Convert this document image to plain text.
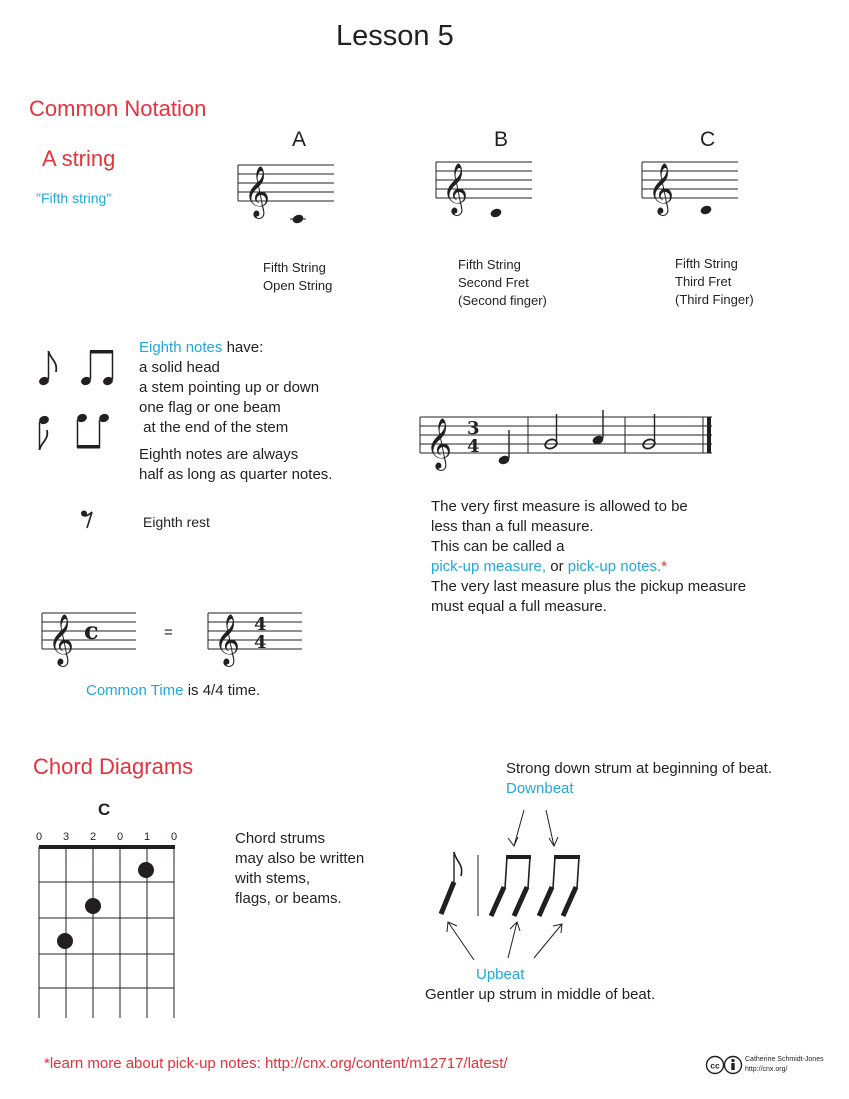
Lesson 5
Common Notation
A string
"Fifth string"
A	B	C
𝄞	𝄞	𝄞
Fifth String
Open String
Fifth String
Second Fret
(Second finger)
Fifth String
Third Fret
(Third Finger)
Eighth notes have:
a solid head
a stem pointing up or down
one flag or one beam
at the end of the stem
Eighth notes are always
half as long as quarter notes.
Eighth rest
𝄞 3
4
The very first measure is allowed to be
less than a full measure.
This can be called a
pick-up measure, or pick-up notes.*
The very last measure plus the pickup measure
must equal a full measure.
𝄞 c	= 𝄞 4
4
Common Time is 4/4 time.
Chord Diagrams
C
0 3 2 0 1 0	Chord strums
may also be written
with stems,
flags, or beams.
Strong down strum at beginning of beat.
Downbeat
Upbeat
Gentler up strum in middle of beat.
*learn more about pick-up notes: http://cnx.org/content/m12717/latest/	cc
Catherine Schmidt-Jones
http://cnx.org/
